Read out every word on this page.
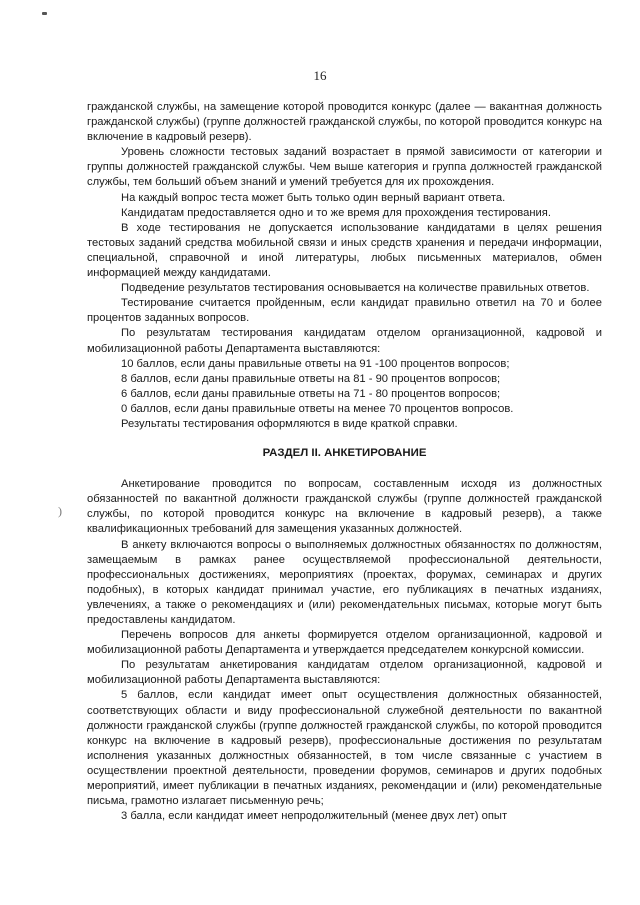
16
)

гражданской службы, на замещение которой проводится конкурс (далее — вакантная должность гражданской службы) (группе должностей гражданской службы, по которой проводится конкурс на включение в кадровый резерв).

Уровень сложности тестовых заданий возрастает в прямой зависимости от категории и группы должностей гражданской службы. Чем выше категория и группа должностей гражданской службы, тем больший объем знаний и умений требуется для их прохождения.

На каждый вопрос теста может быть только один верный вариант ответа.

Кандидатам предоставляется одно и то же время для прохождения тестирования.

В ходе тестирования не допускается использование кандидатами в целях решения тестовых заданий средства мобильной связи и иных средств хранения и передачи информации, специальной, справочной и иной литературы, любых письменных материалов, обмен информацией между кандидатами.

Подведение результатов тестирования основывается на количестве правильных ответов.

Тестирование считается пройденным, если кандидат правильно ответил на 70 и более процентов заданных вопросов.

По результатам тестирования кандидатам отделом организационной, кадровой и мобилизационной работы Департамента выставляются:

10 баллов, если даны правильные ответы на 91 -100 процентов вопросов;

8 баллов, если даны правильные ответы на 81 - 90 процентов вопросов;

6 баллов, если даны правильные ответы на 71 - 80 процентов вопросов;

0 баллов, если даны правильные ответы на менее 70 процентов вопросов.

Результаты тестирования оформляются в виде краткой справки.

РАЗДЕЛ II. АНКЕТИРОВАНИЕ

Анкетирование проводится по вопросам, составленным исходя из должностных обязанностей по вакантной должности гражданской службы (группе должностей гражданской службы, по которой проводится конкурс на включение в кадровый резерв), а также квалификационных требований для замещения указанных должностей.

В анкету включаются вопросы о выполняемых должностных обязанностях по должностям, замещаемым в рамках ранее осуществляемой профессиональной деятельности, профессиональных достижениях, мероприятиях (проектах, форумах, семинарах и других подобных), в которых кандидат принимал участие, его публикациях в печатных изданиях, увлечениях, а также о рекомендациях и (или) рекомендательных письмах, которые могут быть предоставлены кандидатом.

Перечень вопросов для анкеты формируется отделом организационной, кадровой и мобилизационной работы Департамента и утверждается председателем конкурсной комиссии.

По результатам анкетирования кандидатам отделом организационной, кадровой и мобилизационной работы Департамента выставляются:

5 баллов, если кандидат имеет опыт осуществления должностных обязанностей, соответствующих области и виду профессиональной служебной деятельности по вакантной должности гражданской службы (группе должностей гражданской службы, по которой проводится конкурс на включение в кадровый резерв), профессиональные достижения по результатам исполнения указанных должностных обязанностей, в том числе связанные с участием в осуществлении проектной деятельности, проведении форумов, семинаров и других подобных мероприятий, имеет публикации в печатных изданиях, рекомендации и (или) рекомендательные письма, грамотно излагает письменную речь;

3 балла, если кандидат имеет непродолжительный (менее двух лет) опыт
